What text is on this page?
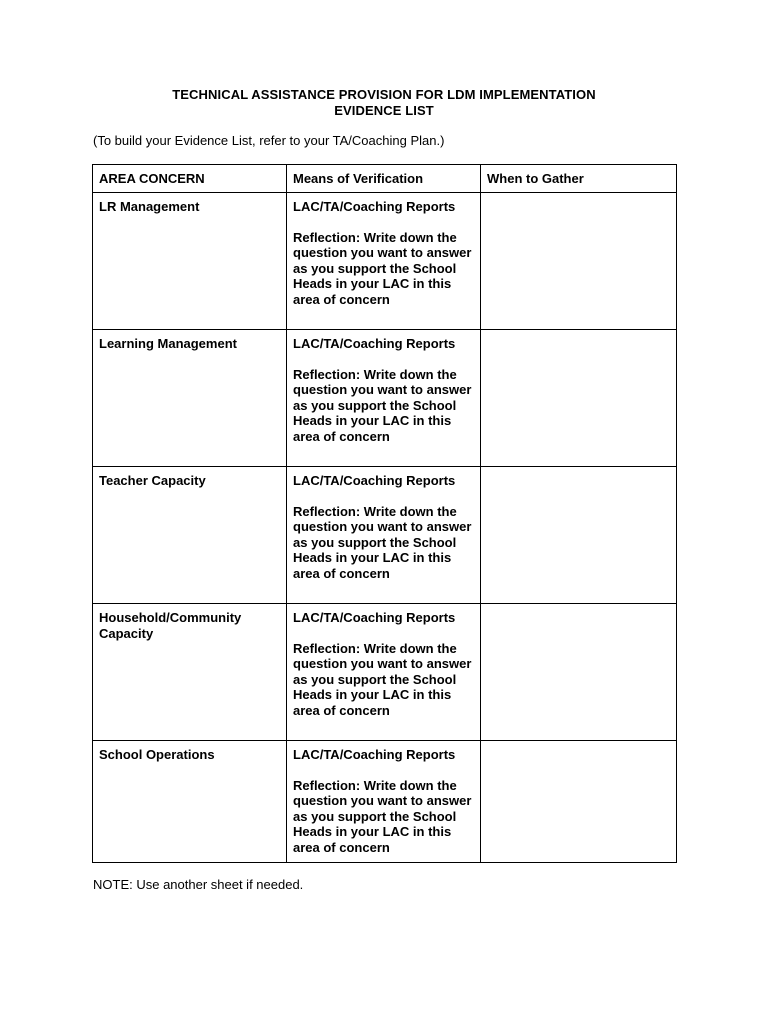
TECHNICAL ASSISTANCE PROVISION FOR LDM IMPLEMENTATION
EVIDENCE LIST
(To build your Evidence List, refer to your TA/Coaching Plan.)
AREA CONCERN	Means of Verification	When to Gather
LR Management	LAC/TA/Coaching Reports
Reflection: Write down the question you want to answer as you support the School Heads in your LAC in this area of concern	

Learning Management	LAC/TA/Coaching Reports
Reflection: Write down the question you want to answer as you support the School Heads in your LAC in this area of concern	

Teacher Capacity	LAC/TA/Coaching Reports
Reflection: Write down the question you want to answer as you support the School Heads in your LAC in this area of concern	

Household/Community Capacity	LAC/TA/Coaching Reports
Reflection: Write down the question you want to answer as you support the School Heads in your LAC in this area of concern	

School Operations	LAC/TA/Coaching Reports
Reflection: Write down the question you want to answer as you support the School Heads in your LAC in this area of concern	

NOTE: Use another sheet if needed.
